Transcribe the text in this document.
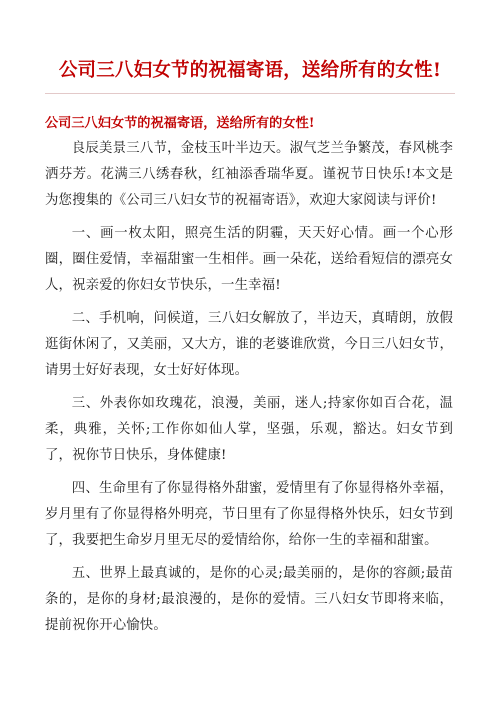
公司三八妇女节的祝福寄语，送给所有的女性!
公司三八妇女节的祝福寄语，送给所有的女性!

良辰美景三八节，金枝玉叶半边天。淑气芝兰争繁茂，春风桃李洒芬芳。花满三八绣春秋，红袖添香瑞华夏。谨祝节日快乐!本文是为您搜集的《公司三八妇女节的祝福寄语》，欢迎大家阅读与评价!

一、画一枚太阳，照亮生活的阴霾，天天好心情。画一个心形圈，圈住爱情，幸福甜蜜一生相伴。画一朵花，送给看短信的漂亮女人，祝亲爱的你妇女节快乐，一生幸福!

二、手机响，问候道，三八妇女解放了，半边天，真晴朗，放假逛街休闲了，又美丽，又大方，谁的老婆谁欣赏，今日三八妇女节，请男士好好表现，女士好好体现。

三、外表你如玫瑰花，浪漫，美丽，迷人;持家你如百合花，温柔，典雅，关怀;工作你如仙人掌，坚强，乐观，豁达。妇女节到了，祝你节日快乐，身体健康!

四、生命里有了你显得格外甜蜜，爱情里有了你显得格外幸福，岁月里有了你显得格外明亮，节日里有了你显得格外快乐，妇女节到了，我要把生命岁月里无尽的爱情给你，给你一生的幸福和甜蜜。

五、世界上最真诚的，是你的心灵;最美丽的，是你的容颜;最苗条的，是你的身材;最浪漫的，是你的爱情。三八妇女节即将来临，提前祝你开心愉快。
